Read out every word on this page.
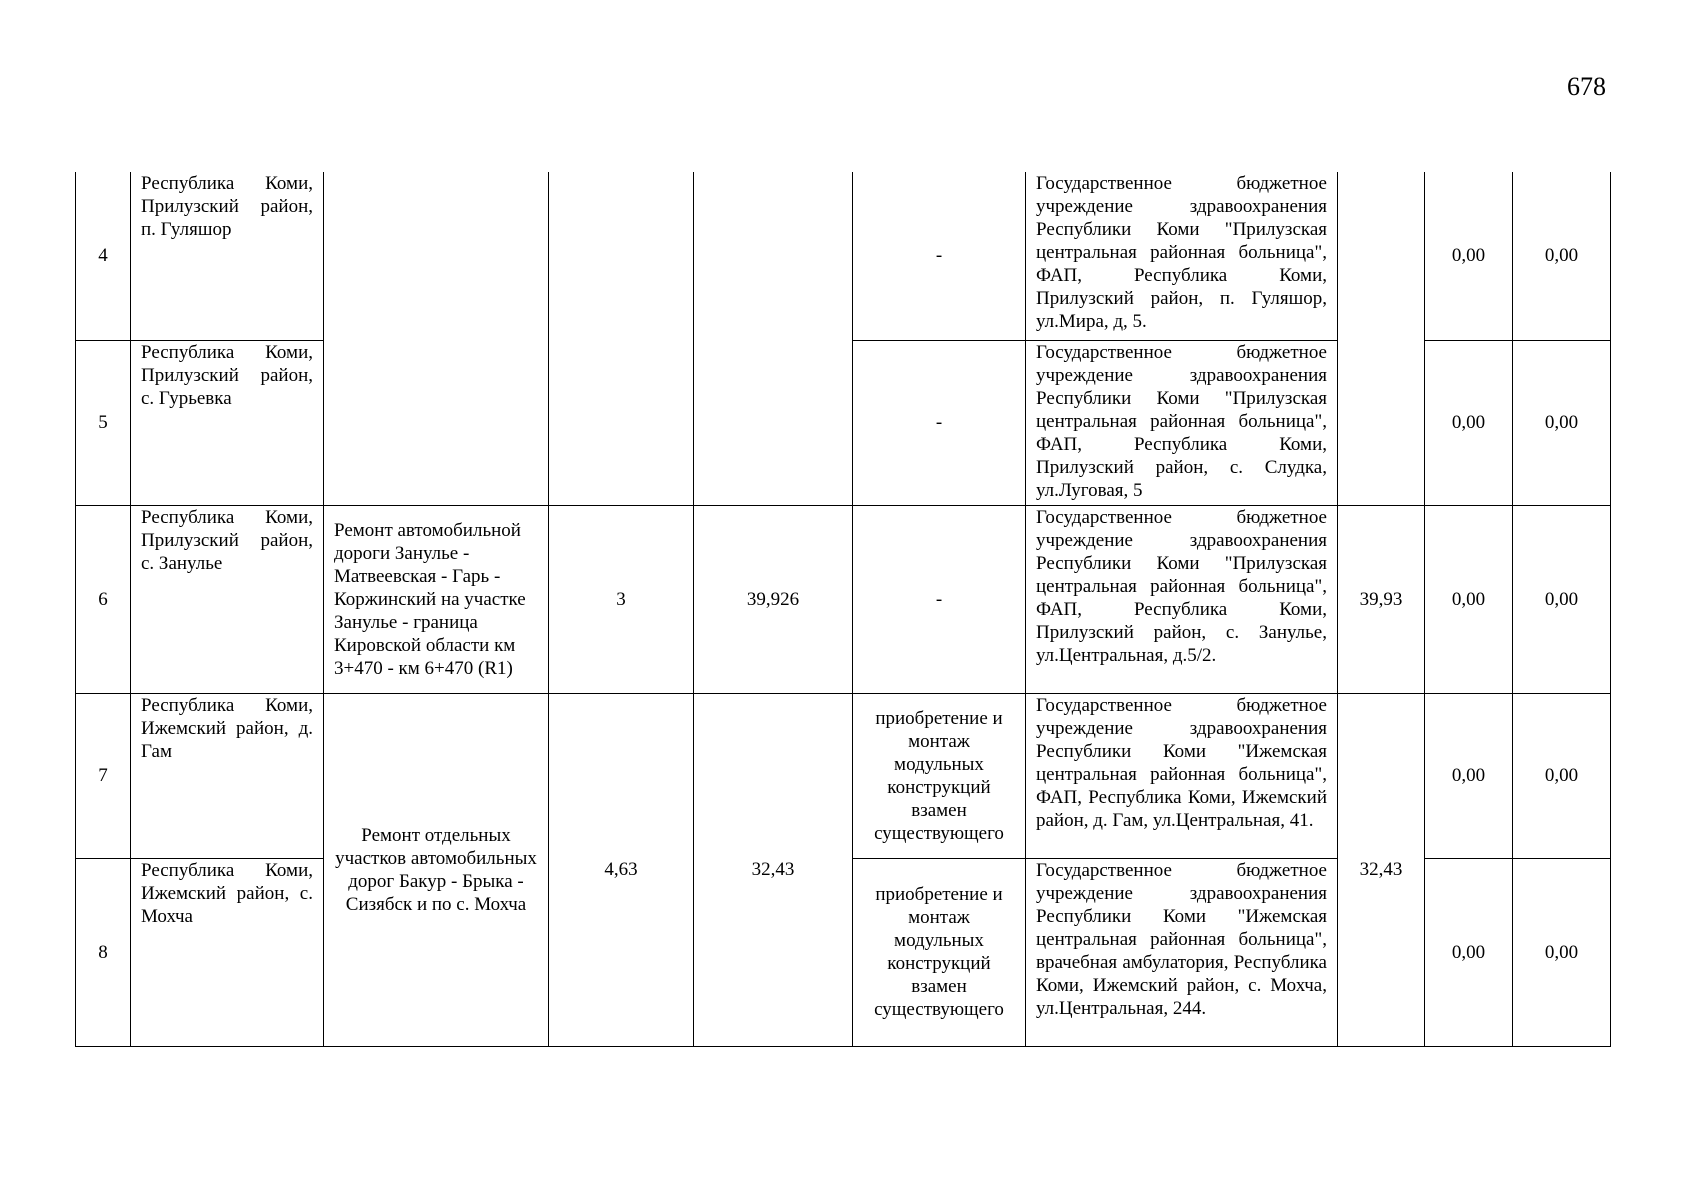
678
4	Республика Коми, Прилузский район, п. Гуляшор				-	Государственное бюджетное учреждение здравоохранения Республики Коми "Прилузская центральная районная больница", ФАП, Республика Коми, Прилузский район, п. Гуляшор, ул.Мира, д, 5.		0,00	0,00
5	Республика Коми, Прилузский район, с. Гурьевка				-	Государственное бюджетное учреждение здравоохранения Республики Коми "Прилузская центральная районная больница", ФАП, Республика Коми, Прилузский район, с. Слудка, ул.Луговая, 5		0,00	0,00
6	Республика Коми, Прилузский район, с. Занулье	Ремонт автомобильной дороги Занулье - Матвеевская - Гарь - Коржинский на участке Занулье - граница Кировской области км 3+470 - км 6+470 (R1)	3	39,926	-	Государственное бюджетное учреждение здравоохранения Республики Коми "Прилузская центральная районная больница", ФАП, Республика Коми, Прилузский район, с. Занулье, ул.Центральная, д.5/2.	39,93	0,00	0,00
7	Республика Коми, Ижемский район, д. Гам	Ремонт отдельных участков автомобильных дорог Бакур - Брыка - Сизябск и по с. Мохча	4,63	32,43	приобретение и монтаж модульных конструкций взамен существующего	Государственное бюджетное учреждение здравоохранения Республики Коми "Ижемская центральная районная больница", ФАП, Республика Коми, Ижемский район, д. Гам, ул.Центральная, 41.	32,43	0,00	0,00
8	Республика Коми, Ижемский район, с. Мохча				приобретение и монтаж модульных конструкций взамен существующего	Государственное бюджетное учреждение здравоохранения Республики Коми "Ижемская центральная районная больница", врачебная амбулатория, Республика Коми, Ижемский район, с. Мохча, ул.Центральная, 244.		0,00	0,00
